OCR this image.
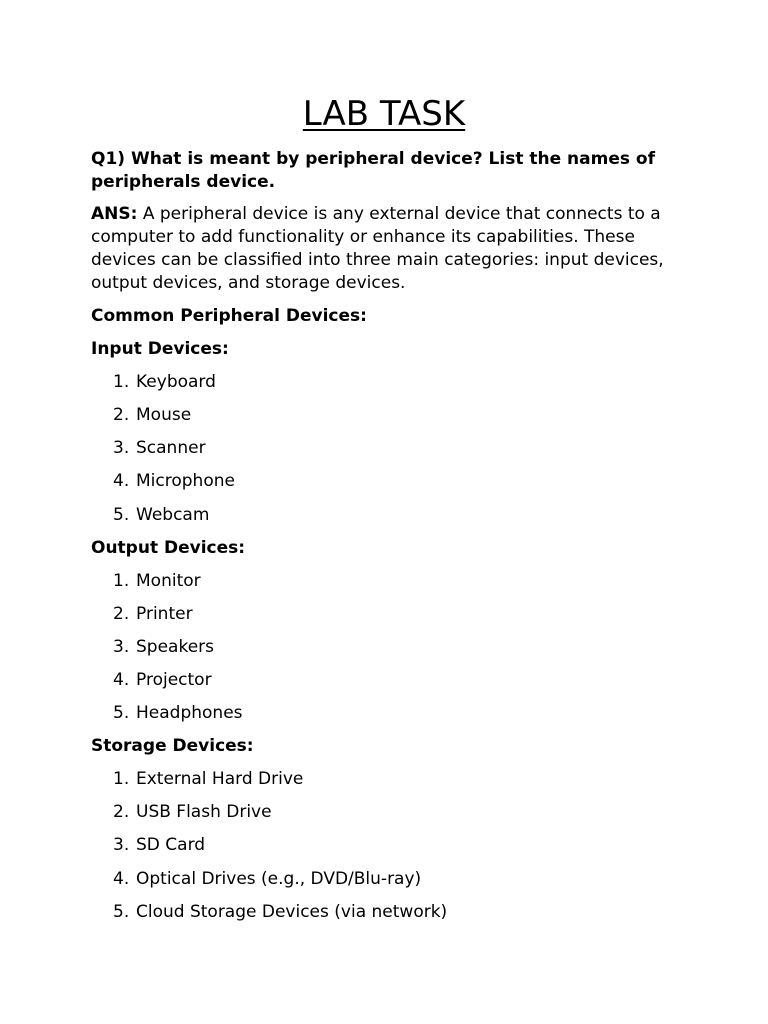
LAB TASK
Q1) What is meant by peripheral device? List the names of peripherals device.
ANS: A peripheral device is any external device that connects to a computer to add functionality or enhance its capabilities. These devices can be classified into three main categories: input devices, output devices, and storage devices.
Common Peripheral Devices:
Input Devices:
1. Keyboard
2. Mouse
3. Scanner
4. Microphone
5. Webcam
Output Devices:
1. Monitor
2. Printer
3. Speakers
4. Projector
5. Headphones
Storage Devices:
1. External Hard Drive
2. USB Flash Drive
3. SD Card
4. Optical Drives (e.g., DVD/Blu-ray)
5. Cloud Storage Devices (via network)
